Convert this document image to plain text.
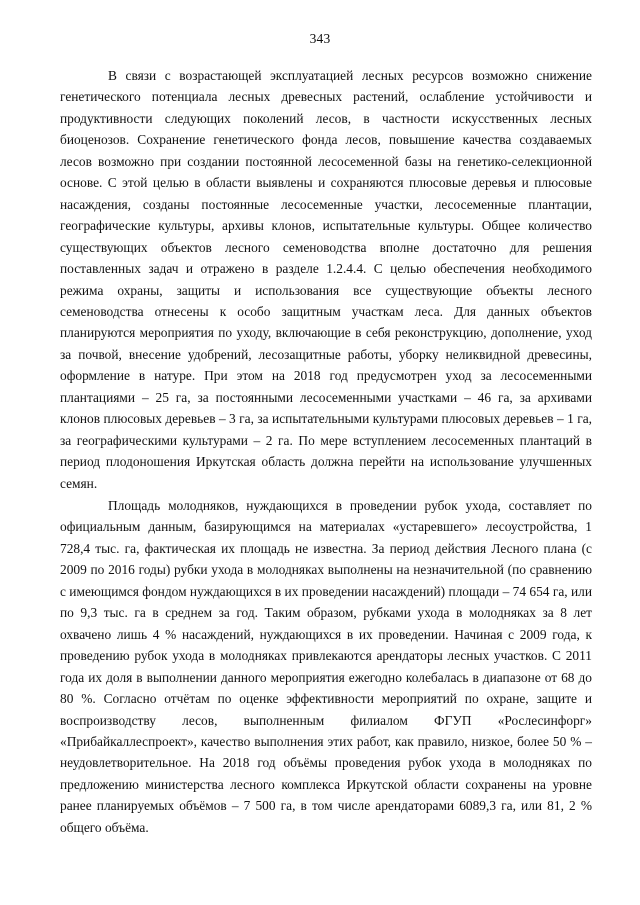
343

В связи с возрастающей эксплуатацией лесных ресурсов возможно снижение генетического потенциала лесных древесных растений, ослабление устойчивости и продуктивности следующих поколений лесов, в частности искусственных лесных биоценозов. Сохранение генетического фонда лесов, повышение качества создаваемых лесов возможно при создании постоянной лесосеменной базы на генетико-селекционной основе. С этой целью в области выявлены и сохраняются плюсовые деревья и плюсовые насаждения, созданы постоянные лесосеменные участки, лесосеменные плантации, географические культуры, архивы клонов, испытательные культуры. Общее количество существующих объектов лесного семеноводства вполне достаточно для решения поставленных задач и отражено в разделе 1.2.4.4. С целью обеспечения необходимого режима охраны, защиты и использования все существующие объекты лесного семеноводства отнесены к особо защитным участкам леса. Для данных объектов планируются мероприятия по уходу, включающие в себя реконструкцию, дополнение, уход за почвой, внесение удобрений, лесозащитные работы, уборку неликвидной древесины, оформление в натуре. При этом на 2018 год предусмотрен уход за лесосеменными плантациями – 25 га, за постоянными лесосеменными участками – 46 га, за архивами клонов плюсовых деревьев – 3 га, за испытательными культурами плюсовых деревьев – 1 га, за географическими культурами – 2 га. По мере вступлением лесосеменных плантаций в период плодоношения Иркутская область должна перейти на использование улучшенных семян.

Площадь молодняков, нуждающихся в проведении рубок ухода, составляет по официальным данным, базирующимся на материалах «устаревшего» лесоустройства, 1 728,4 тыс. га, фактическая их площадь не известна. За период действия Лесного плана (с 2009 по 2016 годы) рубки ухода в молодняках выполнены на незначительной (по сравнению с имеющимся фондом нуждающихся в их проведении насаждений) площади – 74 654 га, или по 9,3 тыс. га в среднем за год. Таким образом, рубками ухода в молодняках за 8 лет охвачено лишь 4 % насаждений, нуждающихся в их проведении. Начиная с 2009 года, к проведению рубок ухода в молодняках привлекаются арендаторы лесных участков. С 2011 года их доля в выполнении данного мероприятия ежегодно колебалась в диапазоне от 68 до 80 %. Согласно отчётам по оценке эффективности мероприятий по охране, защите и воспроизводству лесов, выполненным филиалом ФГУП «Рослесинфорг» «Прибайкаллеспроект», качество выполнения этих работ, как правило, низкое, более 50 % – неудовлетворительное. На 2018 год объёмы проведения рубок ухода в молодняках по предложению министерства лесного комплекса Иркутской области сохранены на уровне ранее планируемых объёмов – 7 500 га, в том числе арендаторами 6089,3 га, или 81, 2 % общего объёма.
